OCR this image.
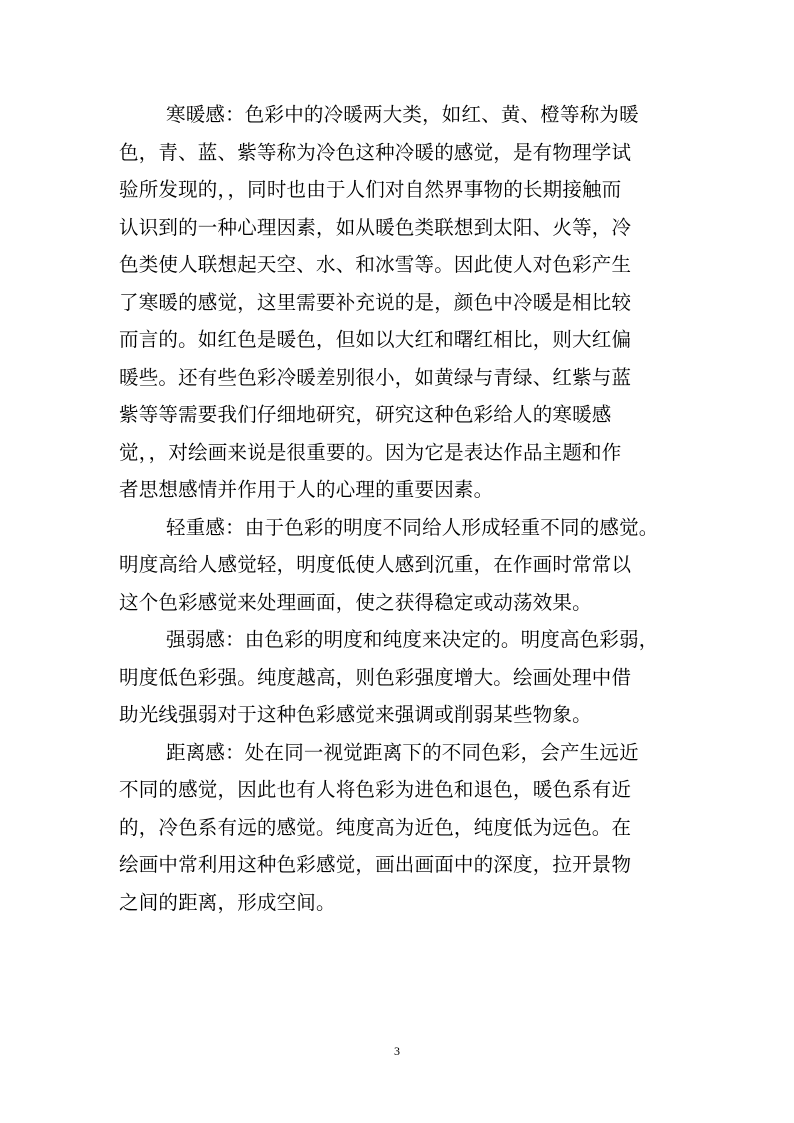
寒暖感：色彩中的冷暖两大类，如红、黄、橙等称为暖
色，青、蓝、紫等称为冷色这种冷暖的感觉，是有物理学试
验所发现的，，同时也由于人们对自然界事物的长期接触而
认识到的一种心理因素，如从暖色类联想到太阳、火等，冷
色类使人联想起天空、水、和冰雪等。因此使人对色彩产生
了寒暖的感觉，这里需要补充说的是，颜色中冷暖是相比较
而言的。如红色是暖色，但如以大红和曙红相比，则大红偏
暖些。还有些色彩冷暖差别很小，如黄绿与青绿、红紫与蓝
紫等等需要我们仔细地研究，研究这种色彩给人的寒暖感
觉，，对绘画来说是很重要的。因为它是表达作品主题和作
者思想感情并作用于人的心理的重要因素。
轻重感：由于色彩的明度不同给人形成轻重不同的感觉。
明度高给人感觉轻，明度低使人感到沉重，在作画时常常以
这个色彩感觉来处理画面，使之获得稳定或动荡效果。
强弱感：由色彩的明度和纯度来决定的。明度高色彩弱，
明度低色彩强。纯度越高，则色彩强度增大。绘画处理中借
助光线强弱对于这种色彩感觉来强调或削弱某些物象。
距离感：处在同一视觉距离下的不同色彩，会产生远近
不同的感觉，因此也有人将色彩为进色和退色，暖色系有近
的，冷色系有远的感觉。纯度高为近色，纯度低为远色。在
绘画中常利用这种色彩感觉，画出画面中的深度，拉开景物
之间的距离，形成空间。
3
